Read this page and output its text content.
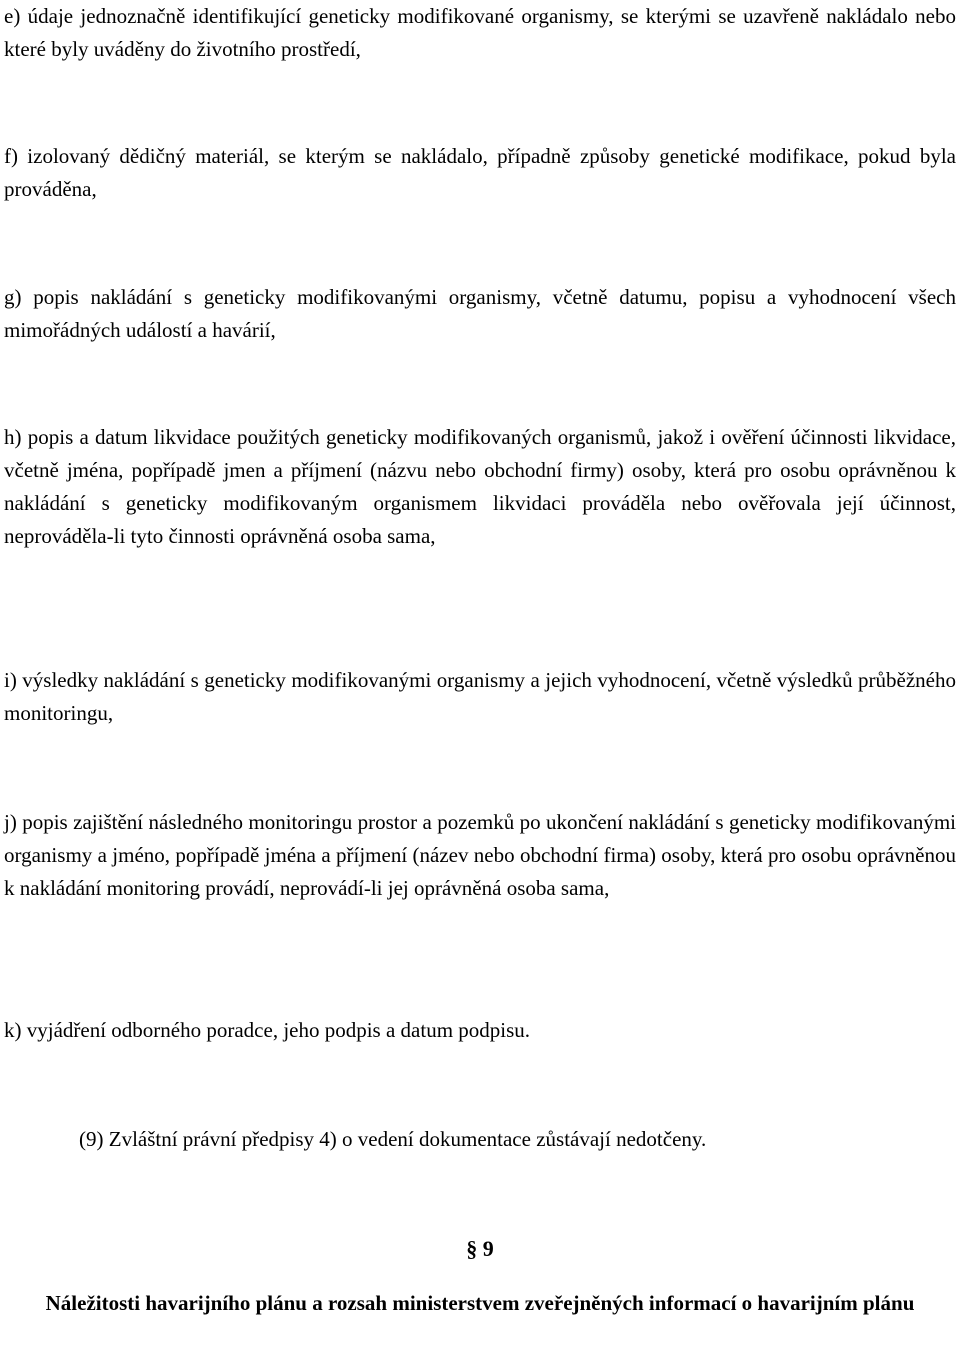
e) údaje jednoznačně identifikující geneticky modifikované organismy, se kterými se uzavřeně nakládalo nebo které byly uváděny do životního prostředí,

f) izolovaný dědičný materiál, se kterým se nakládalo, případně způsoby genetické modifikace, pokud byla prováděna,

g) popis nakládání s geneticky modifikovanými organismy, včetně datumu, popisu a vyhodnocení všech mimořádných událostí a havárií,

h) popis a datum likvidace použitých geneticky modifikovaných organismů, jakož i ověření účinnosti likvidace, včetně jména, popřípadě jmen a příjmení (názvu nebo obchodní firmy) osoby, která pro osobu oprávněnou k nakládání s geneticky modifikovaným organismem likvidaci prováděla nebo ověřovala její účinnost, neprováděla-li tyto činnosti oprávněná osoba sama,

i) výsledky nakládání s geneticky modifikovanými organismy a jejich vyhodnocení, včetně výsledků průběžného monitoringu,

j) popis zajištění následného monitoringu prostor a pozemků po ukončení nakládání s geneticky modifikovanými organismy a jméno, popřípadě jména a příjmení (název nebo obchodní firma) osoby, která pro osobu oprávněnou k nakládání monitoring provádí, neprovádí-li jej oprávněná osoba sama,

k) vyjádření odborného poradce, jeho podpis a datum podpisu.

(9) Zvláštní právní předpisy 4) o vedení dokumentace zůstávají nedotčeny.

§ 9

Náležitosti havarijního plánu a rozsah ministerstvem zveřejněných informací o havarijním plánu
